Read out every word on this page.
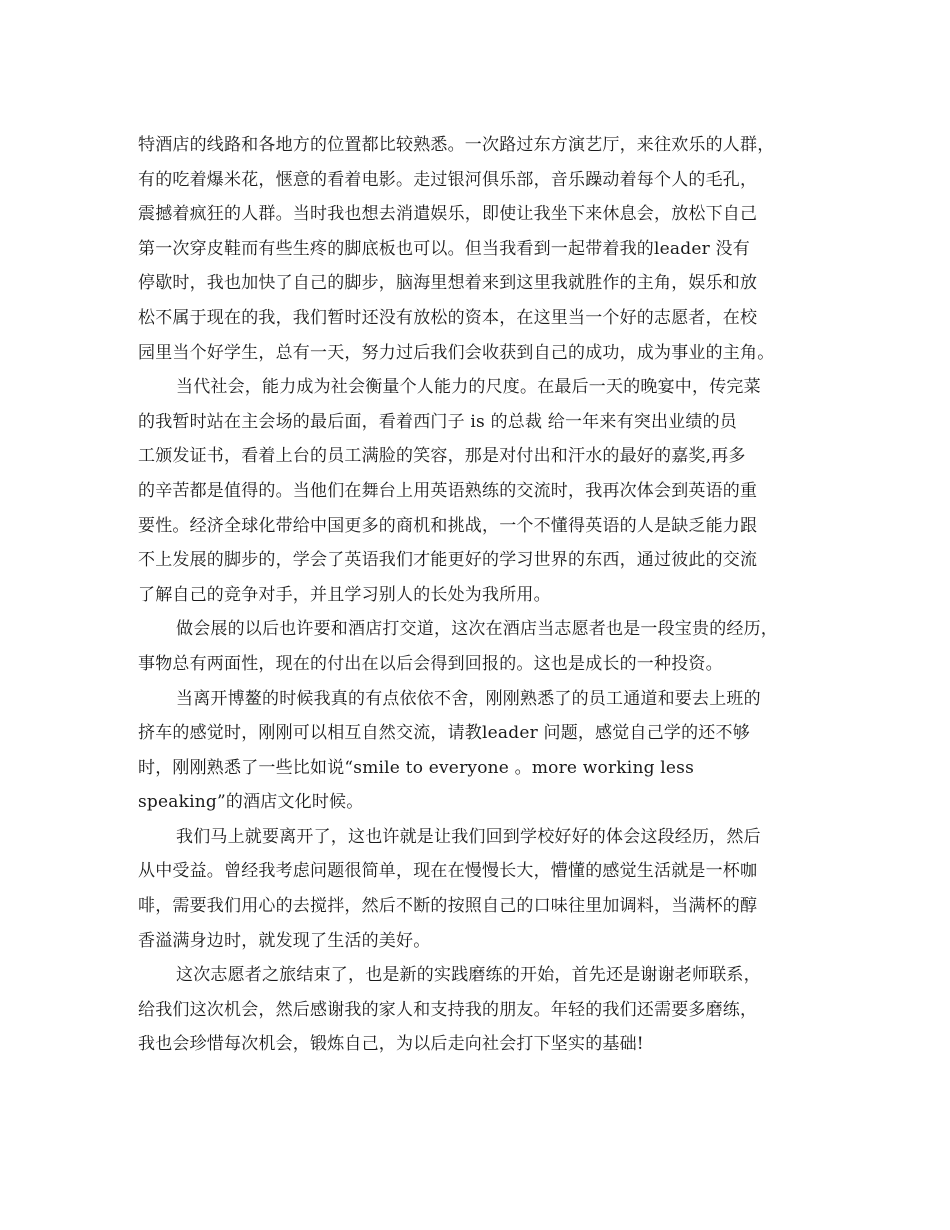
特酒店的线路和各地方的位置都比较熟悉。一次路过东方演艺厅，来往欢乐的人群，
有的吃着爆米花，惬意的看着电影。走过银河俱乐部，音乐躁动着每个人的毛孔，
震撼着疯狂的人群。当时我也想去消遣娱乐，即使让我坐下来休息会，放松下自己
第一次穿皮鞋而有些生疼的脚底板也可以。但当我看到一起带着我的leader 没有
停歇时，我也加快了自己的脚步，脑海里想着来到这里我就胜作的主角，娱乐和放
松不属于现在的我，我们暂时还没有放松的资本，在这里当一个好的志愿者，在校
园里当个好学生，总有一天，努力过后我们会收获到自己的成功，成为事业的主角。
当代社会，能力成为社会衡量个人能力的尺度。在最后一天的晚宴中，传完菜
的我暂时站在主会场的最后面，看着西门子 is 的总裁 给一年来有突出业绩的员
工颁发证书，看着上台的员工满脸的笑容，那是对付出和汗水的最好的嘉奖,再多
的辛苦都是值得的。当他们在舞台上用英语熟练的交流时，我再次体会到英语的重
要性。经济全球化带给中国更多的商机和挑战，一个不懂得英语的人是缺乏能力跟
不上发展的脚步的，学会了英语我们才能更好的学习世界的东西，通过彼此的交流
了解自己的竞争对手，并且学习别人的长处为我所用。
做会展的以后也许要和酒店打交道，这次在酒店当志愿者也是一段宝贵的经历，
事物总有两面性，现在的付出在以后会得到回报的。这也是成长的一种投资。
当离开博鳌的时候我真的有点依依不舍，刚刚熟悉了的员工通道和要去上班的
挤车的感觉时，刚刚可以相互自然交流，请教leader 问题，感觉自己学的还不够
时，刚刚熟悉了一些比如说“smile to everyone 。more working less
speaking”的酒店文化时候。
我们马上就要离开了，这也许就是让我们回到学校好好的体会这段经历，然后
从中受益。曾经我考虑问题很简单，现在在慢慢长大，懵懂的感觉生活就是一杯咖
啡，需要我们用心的去搅拌，然后不断的按照自己的口味往里加调料，当满杯的醇
香溢满身边时，就发现了生活的美好。
这次志愿者之旅结束了，也是新的实践磨练的开始，首先还是谢谢老师联系，
给我们这次机会，然后感谢我的家人和支持我的朋友。年轻的我们还需要多磨练，
我也会珍惜每次机会，锻炼自己，为以后走向社会打下坚实的基础!
